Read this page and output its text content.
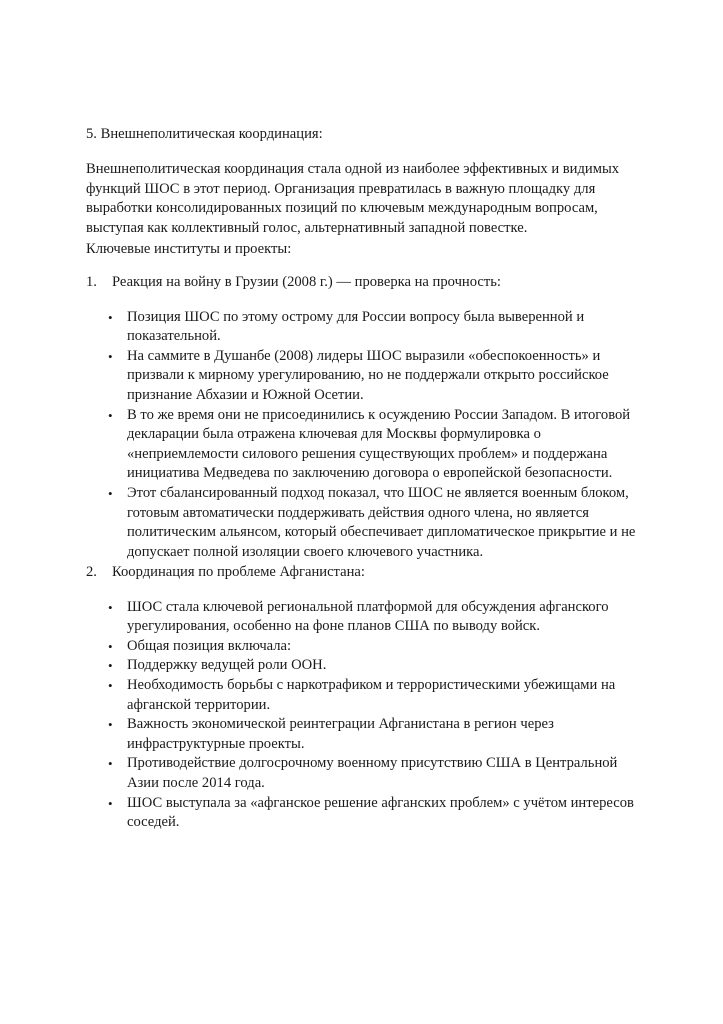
5. Внешнеполитическая координация:

Внешнеполитическая координация стала одной из наиболее эффективных и видимых функций ШОС в этот период. Организация превратилась в важную площадку для выработки консолидированных позиций по ключевым международным вопросам, выступая как коллективный голос, альтернативный западной повестке.

Ключевые институты и проекты:

1. Реакция на войну в Грузии (2008 г.) — проверка на прочность:

• Позиция ШОС по этому острому для России вопросу была выверенной и показательной.
• На саммите в Душанбе (2008) лидеры ШОС выразили «обеспокоенность» и призвали к мирному урегулированию, но не поддержали открыто российское признание Абхазии и Южной Осетии.
• В то же время они не присоединились к осуждению России Западом. В итоговой декларации была отражена ключевая для Москвы формулировка о «неприемлемости силового решения существующих проблем» и поддержана инициатива Медведева по заключению договора о европейской безопасности.
• Этот сбалансированный подход показал, что ШОС не является военным блоком, готовым автоматически поддерживать действия одного члена, но является политическим альянсом, который обеспечивает дипломатическое прикрытие и не допускает полной изоляции своего ключевого участника.

2. Координация по проблеме Афганистана:

• ШОС стала ключевой региональной платформой для обсуждения афганского урегулирования, особенно на фоне планов США по выводу войск.
• Общая позиция включала:
• Поддержку ведущей роли ООН.
• Необходимость борьбы с наркотрафиком и террористическими убежищами на афганской территории.
• Важность экономической реинтеграции Афганистана в регион через инфраструктурные проекты.
• Противодействие долгосрочному военному присутствию США в Центральной Азии после 2014 года.
• ШОС выступала за «афганское решение афганских проблем» с учётом интересов соседей.
